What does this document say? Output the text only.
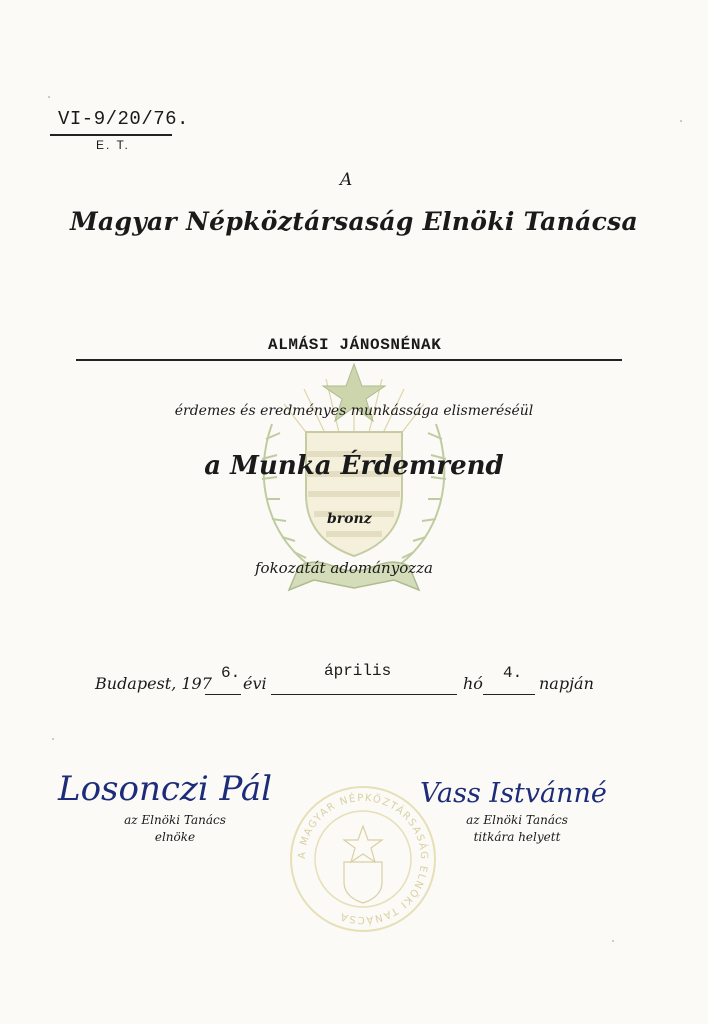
VI-9/20/76.
E. T.
A
Magyar Népköztársaság Elnöki Tanácsa
ALMÁSI JÁNOSNÉNAK
érdemes és eredményes munkássága elismeréséül
a Munka Érdemrend
bronz
fokozatát adományozza
Budapest, 197
6.
évi
április
hó
4.
napján
Losonczi Pál
az Elnöki Tanács
elnöke
A MAGYAR NÉPKÖZTÁRSASÁG ELNÖKI TANÁCSA
Vass Istvánné
az Elnöki Tanács
titkára helyett
